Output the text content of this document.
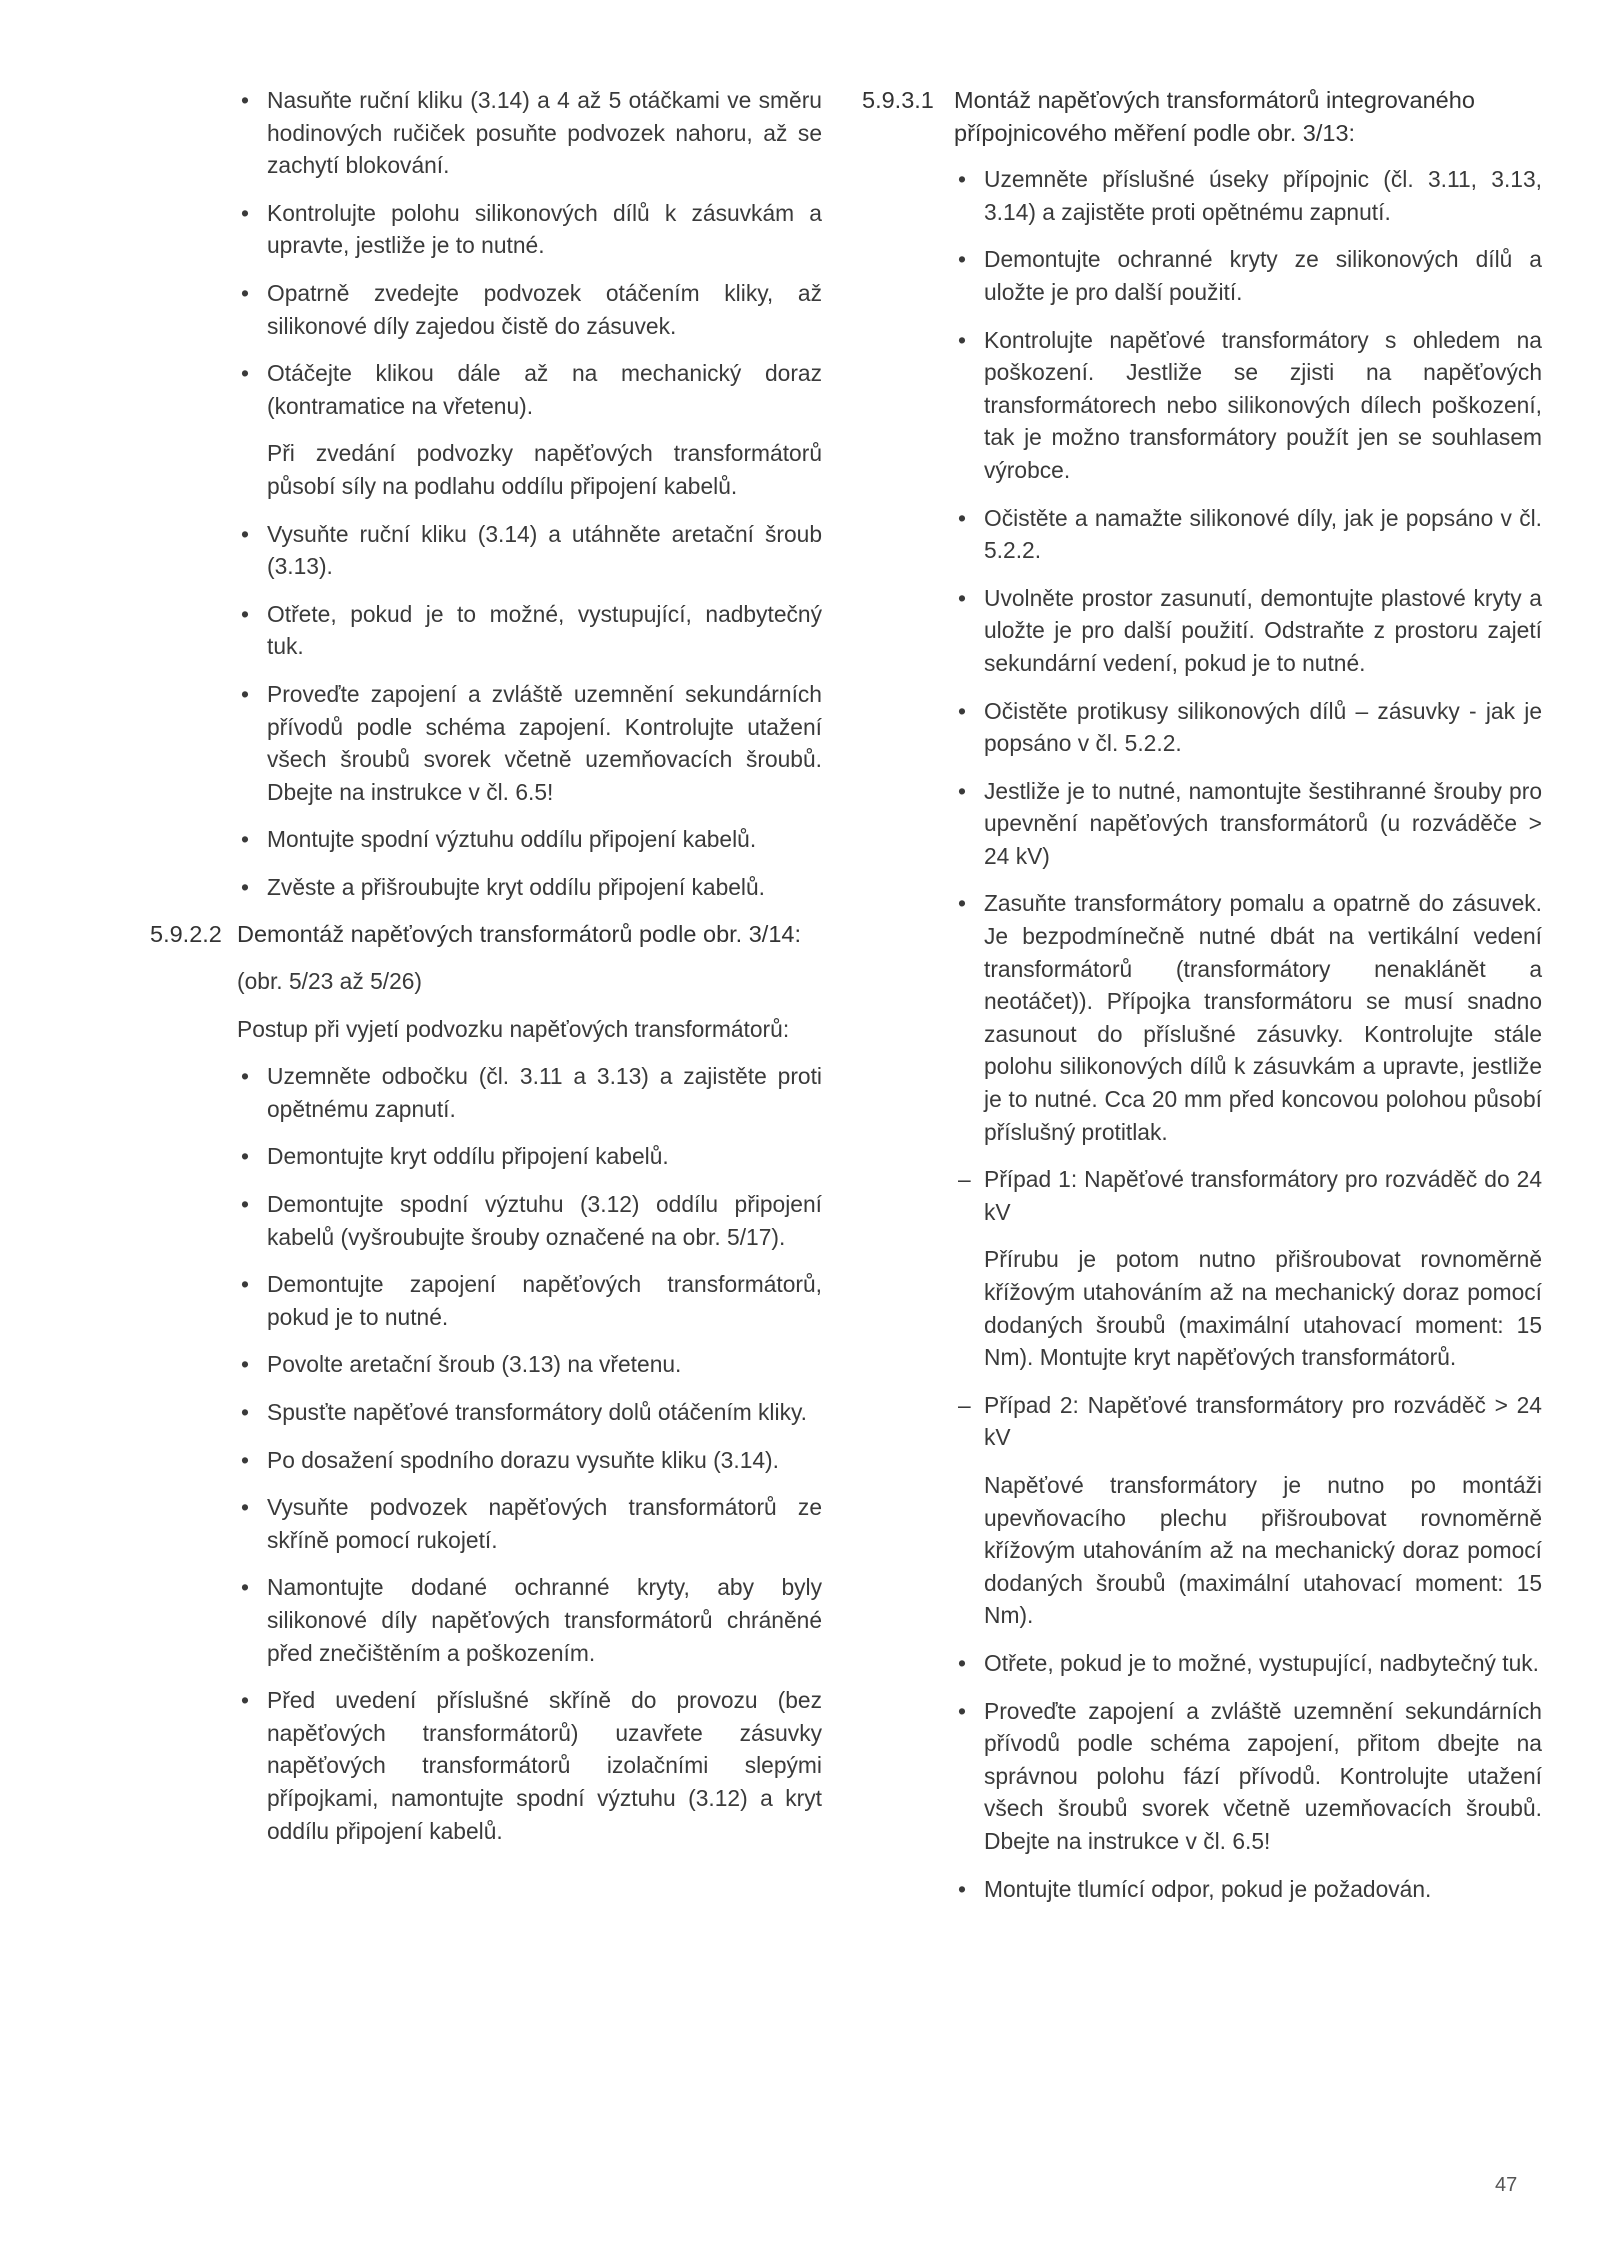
• Nasuňte ruční kliku (3.14) a 4 až 5 otáčkami ve směru hodinových ručiček posuňte podvozek nahoru, až se zachytí blokování.
• Kontrolujte polohu silikonových dílů k zásuvkám a upravte, jestliže je to nutné.
• Opatrně zvedejte podvozek otáčením kliky, až silikonové díly zajedou čistě do zásuvek.
• Otáčejte klikou dále až na mechanický doraz (kontramatice na vřetenu).
Při zvedání podvozky napěťových transformátorů působí síly na podlahu oddílu připojení kabelů.
• Vysuňte ruční kliku (3.14) a utáhněte aretační šroub (3.13).
• Otřete, pokud je to možné, vystupující, nadbytečný tuk.
• Proveďte zapojení a zvláště uzemnění sekundárních přívodů podle schéma zapojení. Kontrolujte utažení všech šroubů svorek včetně uzemňovacích šroubů. Dbejte na instrukce v čl. 6.5!
• Montujte spodní výztuhu oddílu připojení kabelů.
• Zvěste a přišroubujte kryt oddílu připojení kabelů.
5.9.2.2 Demontáž napěťových transformátorů podle obr. 3/14:
(obr. 5/23 až 5/26)
Postup při vyjetí podvozku napěťových transformátorů:
• Uzemněte odbočku (čl. 3.11 a 3.13) a zajistěte proti opětnému zapnutí.
• Demontujte kryt oddílu připojení kabelů.
• Demontujte spodní výztuhu (3.12) oddílu připojení kabelů (vyšroubujte šrouby označené na obr. 5/17).
• Demontujte zapojení napěťových transformátorů, pokud je to nutné.
• Povolte aretační šroub (3.13) na vřetenu.
• Spusťte napěťové transformátory dolů otáčením kliky.
• Po dosažení spodního dorazu vysuňte kliku (3.14).
• Vysuňte podvozek napěťových transformátorů ze skříně pomocí rukojetí.
• Namontujte dodané ochranné kryty, aby byly silikonové díly napěťových transformátorů chráněné před znečištěním a poškozením.
• Před uvedení příslušné skříně do provozu (bez napěťových transformátorů) uzavřete zásuvky napěťových transformátorů izolačními slepými přípojkami, namontujte spodní výztuhu (3.12) a kryt oddílu připojení kabelů.
5.9.3.1 Montáž napěťových transformátorů integrovaného přípojnicového měření podle obr. 3/13:
• Uzemněte příslušné úseky přípojnic (čl. 3.11, 3.13, 3.14) a zajistěte proti opětnému zapnutí.
• Demontujte ochranné kryty ze silikonových dílů a uložte je pro další použití.
• Kontrolujte napěťové transformátory s ohledem na poškození. Jestliže se zjisti na napěťových transformátorech nebo silikonových dílech poškození, tak je možno transformátory použít jen se souhlasem výrobce.
• Očistěte a namažte silikonové díly, jak je popsáno v čl. 5.2.2.
• Uvolněte prostor zasunutí, demontujte plastové kryty a uložte je pro další použití. Odstraňte z prostoru zajetí sekundární vedení, pokud je to nutné.
• Očistěte protikusy silikonových dílů – zásuvky - jak je popsáno v čl. 5.2.2.
• Jestliže je to nutné, namontujte šestihranné šrouby pro upevnění napěťových transformátorů (u rozváděče > 24 kV)
• Zasuňte transformátory pomalu a opatrně do zásuvek. Je bezpodmínečně nutné dbát na vertikální vedení transformátorů (transformátory nenaklánět a neotáčet)). Přípojka transformátoru se musí snadno zasunout do příslušné zásuvky. Kontrolujte stále polohu silikonových dílů k zásuvkám a upravte, jestliže je to nutné. Cca 20 mm před koncovou polohou působí příslušný protitlak.
– Případ 1: Napěťové transformátory pro rozváděč do 24 kV
Přírubu je potom nutno přišroubovat rovnoměrně křížovým utahováním až na mechanický doraz pomocí dodaných šroubů (maximální utahovací moment: 15 Nm). Montujte kryt napěťových transformátorů.
– Případ 2: Napěťové transformátory pro rozváděč > 24 kV
Napěťové transformátory je nutno po montáži upevňovacího plechu přišroubovat rovnoměrně křížovým utahováním až na mechanický doraz pomocí dodaných šroubů (maximální utahovací moment: 15 Nm).
• Otřete, pokud je to možné, vystupující, nadbytečný tuk.
• Proveďte zapojení a zvláště uzemnění sekundárních přívodů podle schéma zapojení, přitom dbejte na správnou polohu fází přívodů. Kontrolujte utažení všech šroubů svorek včetně uzemňovacích šroubů. Dbejte na instrukce v čl. 6.5!
• Montujte tlumící odpor, pokud je požadován.
47
